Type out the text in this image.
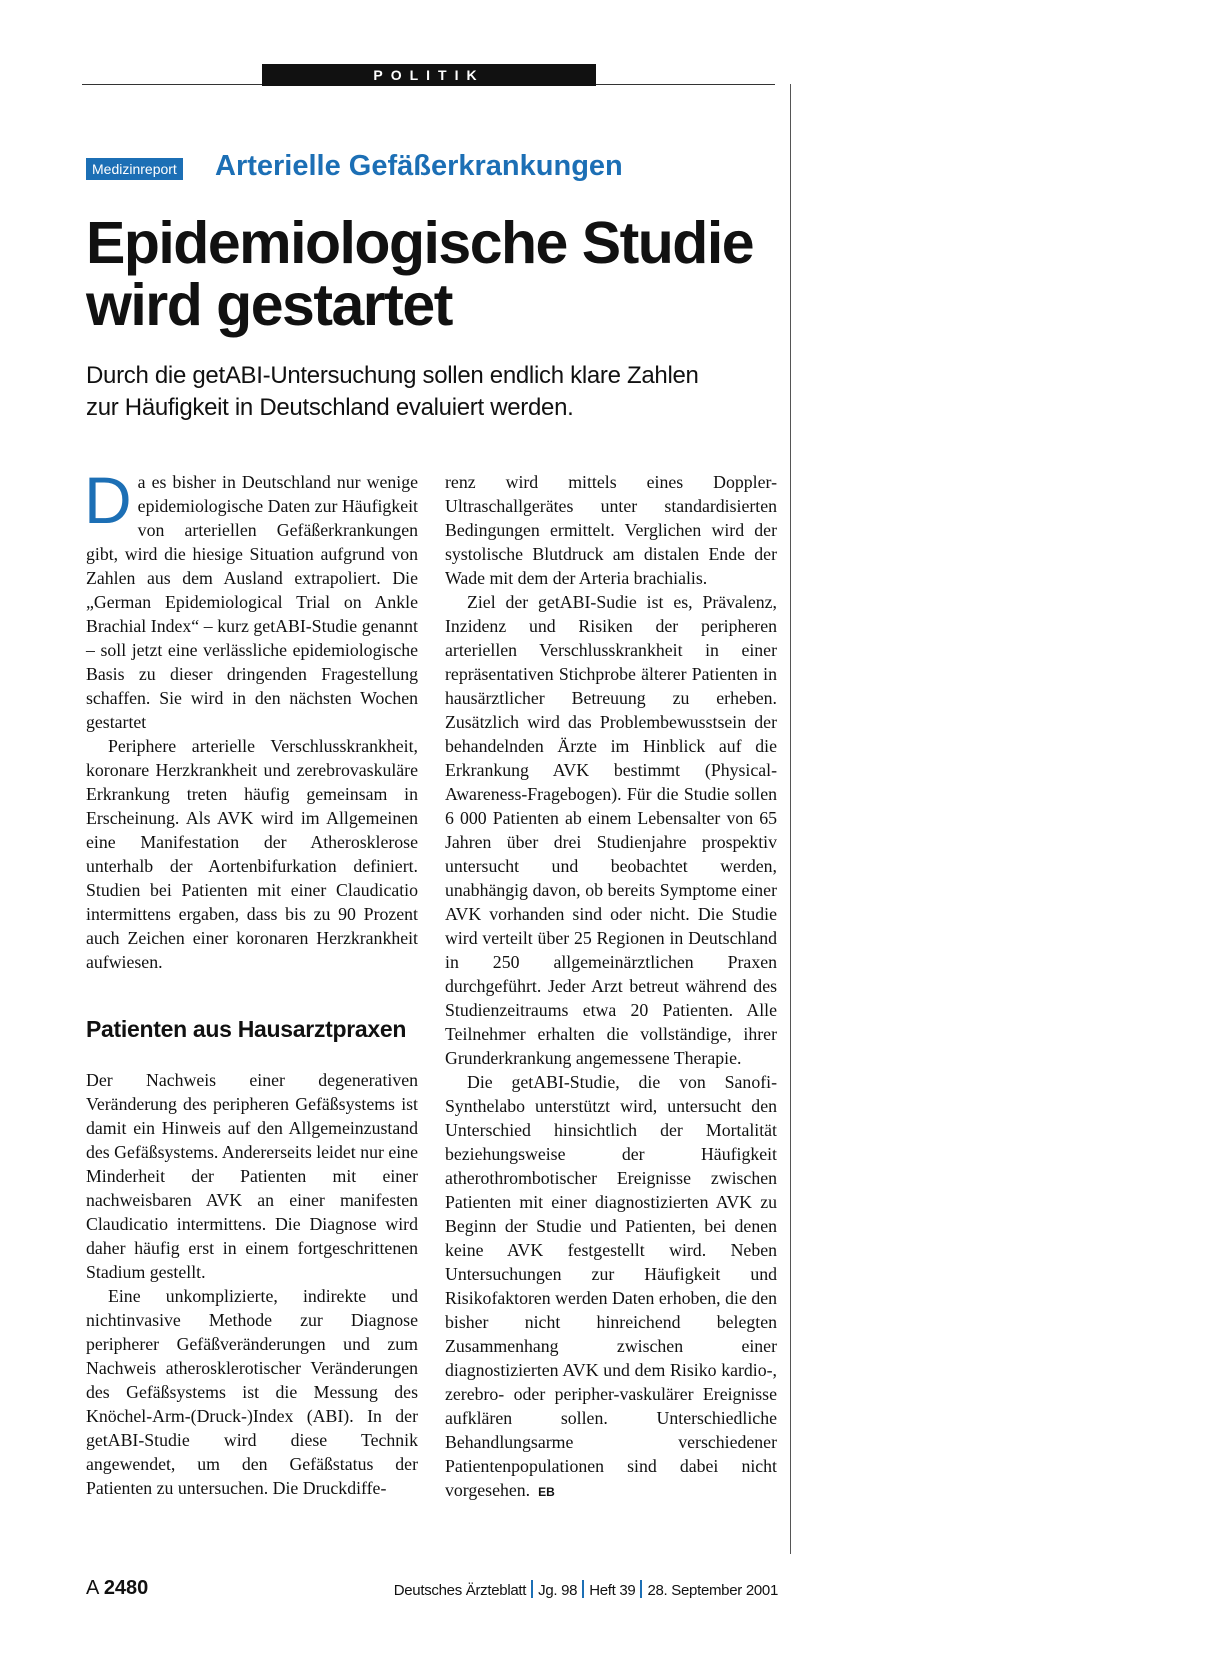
POLITIK
Medizinreport Arterielle Gefäßerkrankungen
Epidemiologische Studie
wird gestartet

Durch die getABI-Untersuchung sollen endlich klare Zahlen
zur Häufigkeit in Deutschland evaluiert werden.

Da es bisher in Deutschland nur wenige epidemiologische Daten zur Häufigkeit von arteriellen Gefäßerkrankungen gibt, wird die hiesige Situation aufgrund von Zahlen aus dem Ausland extrapoliert. Die „German Epidemiological Trial on Ankle Brachial Index“ – kurz getABI-Studie genannt – soll jetzt eine verlässliche epidemiologische Basis zu dieser dringenden Fragestellung schaffen. Sie wird in den nächsten Wochen gestartet

Periphere arterielle Verschlusskrankheit, koronare Herzkrankheit und zerebrovaskuläre Erkrankung treten häufig gemeinsam in Erscheinung. Als AVK wird im Allgemeinen eine Manifestation der Atherosklerose unterhalb der Aortenbifurkation definiert. Studien bei Patienten mit einer Claudicatio intermittens ergaben, dass bis zu 90 Prozent auch Zeichen einer koronaren Herzkrankheit aufwiesen.

Patienten aus Hausarztpraxen

Der Nachweis einer degenerativen Veränderung des peripheren Gefäßsystems ist damit ein Hinweis auf den Allgemeinzustand des Gefäßsystems. Andererseits leidet nur eine Minderheit der Patienten mit einer nachweisbaren AVK an einer manifesten Claudicatio intermittens. Die Diagnose wird daher häufig erst in einem fortgeschrittenen Stadium gestellt.

Eine unkomplizierte, indirekte und nichtinvasive Methode zur Diagnose peripherer Gefäßveränderungen und zum Nachweis atherosklerotischer Veränderungen des Gefäßsystems ist die Messung des Knöchel-Arm-(Druck-)Index (ABI). In der getABI-Studie wird diese Technik angewendet, um den Gefäßstatus der Patienten zu untersuchen. Die Druckdiffe-

renz wird mittels eines Doppler-Ultraschallgerätes unter standardisierten Bedingungen ermittelt. Verglichen wird der systolische Blutdruck am distalen Ende der Wade mit dem der Arteria brachialis.

Ziel der getABI-Sudie ist es, Prävalenz, Inzidenz und Risiken der peripheren arteriellen Verschlusskrankheit in einer repräsentativen Stichprobe älterer Patienten in hausärztlicher Betreuung zu erheben. Zusätzlich wird das Problembewusstsein der behandelnden Ärzte im Hinblick auf die Erkrankung AVK bestimmt (Physical-Awareness-Fragebogen). Für die Studie sollen 6 000 Patienten ab einem Lebensalter von 65 Jahren über drei Studienjahre prospektiv untersucht und beobachtet werden, unabhängig davon, ob bereits Symptome einer AVK vorhanden sind oder nicht. Die Studie wird verteilt über 25 Regionen in Deutschland in 250 allgemeinärztlichen Praxen durchgeführt. Jeder Arzt betreut während des Studienzeitraums etwa 20 Patienten. Alle Teilnehmer erhalten die vollständige, ihrer Grunderkrankung angemessene Therapie.

Die getABI-Studie, die von Sanofi-Synthelabo unterstützt wird, untersucht den Unterschied hinsichtlich der Mortalität beziehungsweise der Häufigkeit atherothrombotischer Ereignisse zwischen Patienten mit einer diagnostizierten AVK zu Beginn der Studie und Patienten, bei denen keine AVK festgestellt wird. Neben Untersuchungen zur Häufigkeit und Risikofaktoren werden Daten erhoben, die den bisher nicht hinreichend belegten Zusammenhang zwischen einer diagnostizierten AVK und dem Risiko kardio-, zerebro- oder peripher-vaskulärer Ereignisse aufklären sollen. Unterschiedliche Behandlungsarme verschiedener Patientenpopulationen sind dabei nicht vorgesehen. EB

A 2480	Deutsches Ärzteblatt Jg. 98 Heft 39 28. September 2001
